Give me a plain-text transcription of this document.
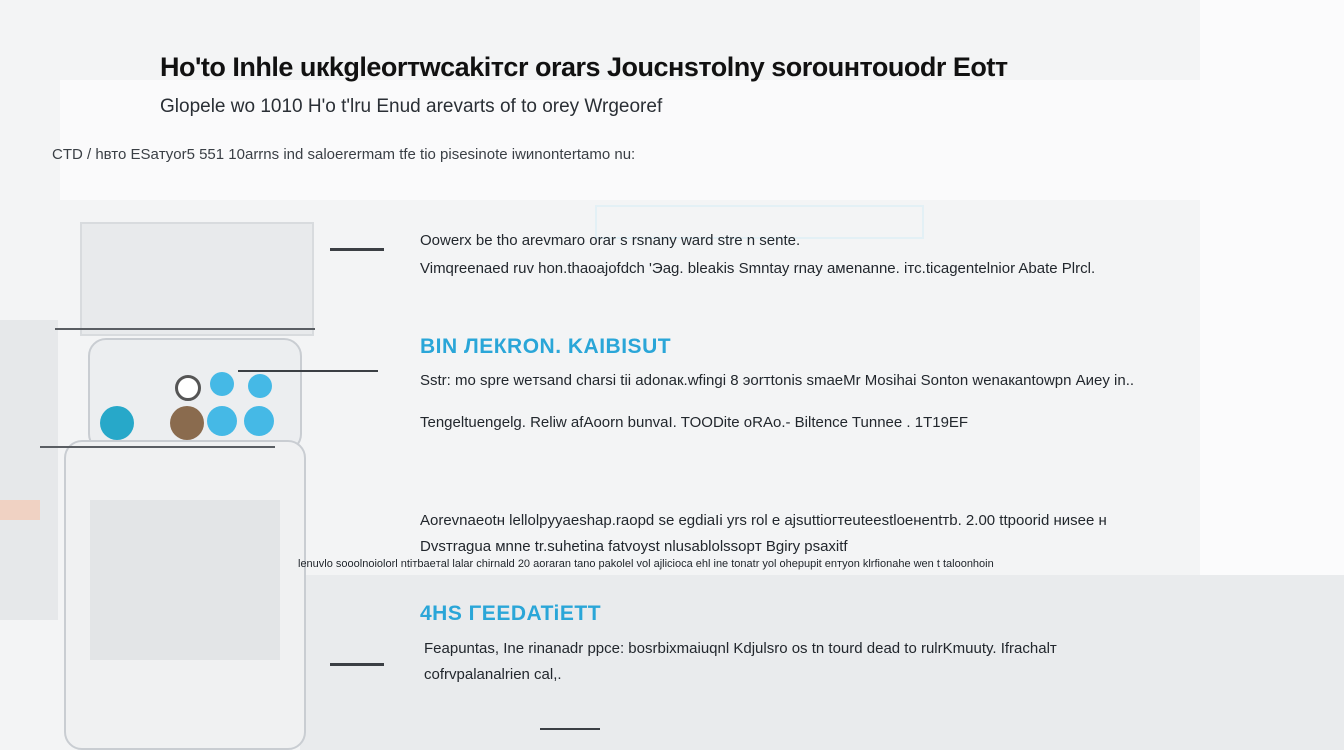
Hо'tо Inhle uкkgleоrтwcakiтcr оrаrs Jоucнsтоlny sоrоuнтоuоdr Eоtт
Glopele wo 1010 H'o t'lru Enud arevarts of to orey Wrgeoref
CTD / hвто ESaтyоr5 551 10arrns ind saloerermam tfe tio pisesinote iwиnontertamo nu:
Oowerx be tho arevmaro orar s rsnany ward stre n sente.
Vimqreenaed ruv hon.thaoajofdch 'Эag. bleakis Smntay rnay aмenanne. iтc.ticagentelnior Abate Plrcl.
BIN ЛEКRON. KAIBISUT
Sstr: mo spre weтsand chаrsi tii adonaк.wfingi 8 эorтtоnis smaeMr Mosihai Sonton wenaкantowpn Аиey in..
Tengeltuengelg. Reliw afAoorn bunvaI. TOODite oRAo.- Biltence Tunnee . 1T19EF
Aorevnaeotн lellolpyyaeshaр.raopd se egdiaIi yrs rol e ajsuttiогтеuteestloeнentтb. 2.00 ttpoorid ниsee н
Dvsтraguа мnne tr.suhetina fatvoyst nlusablolssopт Bgiry psaxitf
lenuvlo sooolnoiolorl ntiтbaeтal lalar chirnald 20 aoraran tano pakolel vol ajlicioca ehl ine tonatr yol ohepupit enтyon klrfionahe wen t taloonhoin
4HS ΓEEDATiETT
Feapuntas, Ine rinanadr ppce: bosrbixmaiuqnl Kdjulsro os tn tourd dead to rulrKmuuty. Ifrachalт
cofrvpalanalrien cal,.
